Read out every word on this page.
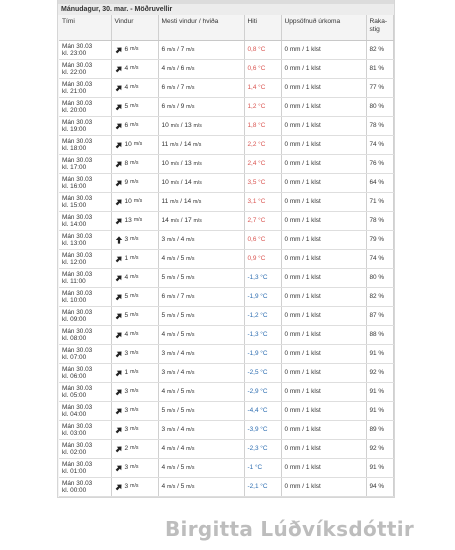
Mánudagur, 30. mar. - Möðruvellir
Tími	Vindur	Mesti vindur / hviða	Hiti	Uppsöfnuð úrkoma	Raka-stig
Mán 30.03
kl. 23:00	6 m/s	6 m/s / 7 m/s	0,8 °C	0 mm / 1 klst	82 %
Mán 30.03
kl. 22:00	4 m/s	4 m/s / 6 m/s	0,6 °C	0 mm / 1 klst	81 %
Mán 30.03
kl. 21:00	4 m/s	6 m/s / 7 m/s	1,4 °C	0 mm / 1 klst	77 %
Mán 30.03
kl. 20:00	5 m/s	6 m/s / 9 m/s	1,2 °C	0 mm / 1 klst	80 %
Mán 30.03
kl. 19:00	6 m/s	10 m/s / 13 m/s	1,8 °C	0 mm / 1 klst	78 %
Mán 30.03
kl. 18:00	10 m/s	11 m/s / 14 m/s	2,2 °C	0 mm / 1 klst	74 %
Mán 30.03
kl. 17:00	8 m/s	10 m/s / 13 m/s	2,4 °C	0 mm / 1 klst	76 %
Mán 30.03
kl. 16:00	9 m/s	10 m/s / 14 m/s	3,5 °C	0 mm / 1 klst	64 %
Mán 30.03
kl. 15:00	10 m/s	11 m/s / 14 m/s	3,1 °C	0 mm / 1 klst	71 %
Mán 30.03
kl. 14:00	13 m/s	14 m/s / 17 m/s	2,7 °C	0 mm / 1 klst	78 %
Mán 30.03
kl. 13:00	3 m/s	3 m/s / 4 m/s	0,6 °C	0 mm / 1 klst	79 %
Mán 30.03
kl. 12:00	1 m/s	4 m/s / 5 m/s	0,9 °C	0 mm / 1 klst	74 %
Mán 30.03
kl. 11:00	4 m/s	5 m/s / 5 m/s	-1,3 °C	0 mm / 1 klst	80 %
Mán 30.03
kl. 10:00	5 m/s	6 m/s / 7 m/s	-1,9 °C	0 mm / 1 klst	82 %
Mán 30.03
kl. 09:00	5 m/s	5 m/s / 5 m/s	-1,2 °C	0 mm / 1 klst	87 %
Mán 30.03
kl. 08:00	4 m/s	4 m/s / 5 m/s	-1,3 °C	0 mm / 1 klst	88 %
Mán 30.03
kl. 07:00	3 m/s	3 m/s / 4 m/s	-1,9 °C	0 mm / 1 klst	91 %
Mán 30.03
kl. 06:00	1 m/s	3 m/s / 4 m/s	-2,5 °C	0 mm / 1 klst	92 %
Mán 30.03
kl. 05:00	3 m/s	4 m/s / 5 m/s	-2,9 °C	0 mm / 1 klst	91 %
Mán 30.03
kl. 04:00	3 m/s	5 m/s / 5 m/s	-4,4 °C	0 mm / 1 klst	91 %
Mán 30.03
kl. 03:00	3 m/s	3 m/s / 4 m/s	-3,9 °C	0 mm / 1 klst	89 %
Mán 30.03
kl. 02:00	2 m/s	4 m/s / 4 m/s	-2,3 °C	0 mm / 1 klst	92 %
Mán 30.03
kl. 01:00	3 m/s	4 m/s / 5 m/s	-1 °C	0 mm / 1 klst	91 %
Mán 30.03
kl. 00:00	3 m/s	4 m/s / 5 m/s	-2,1 °C	0 mm / 1 klst	94 %
Birgitta Lúðvíksdóttir
